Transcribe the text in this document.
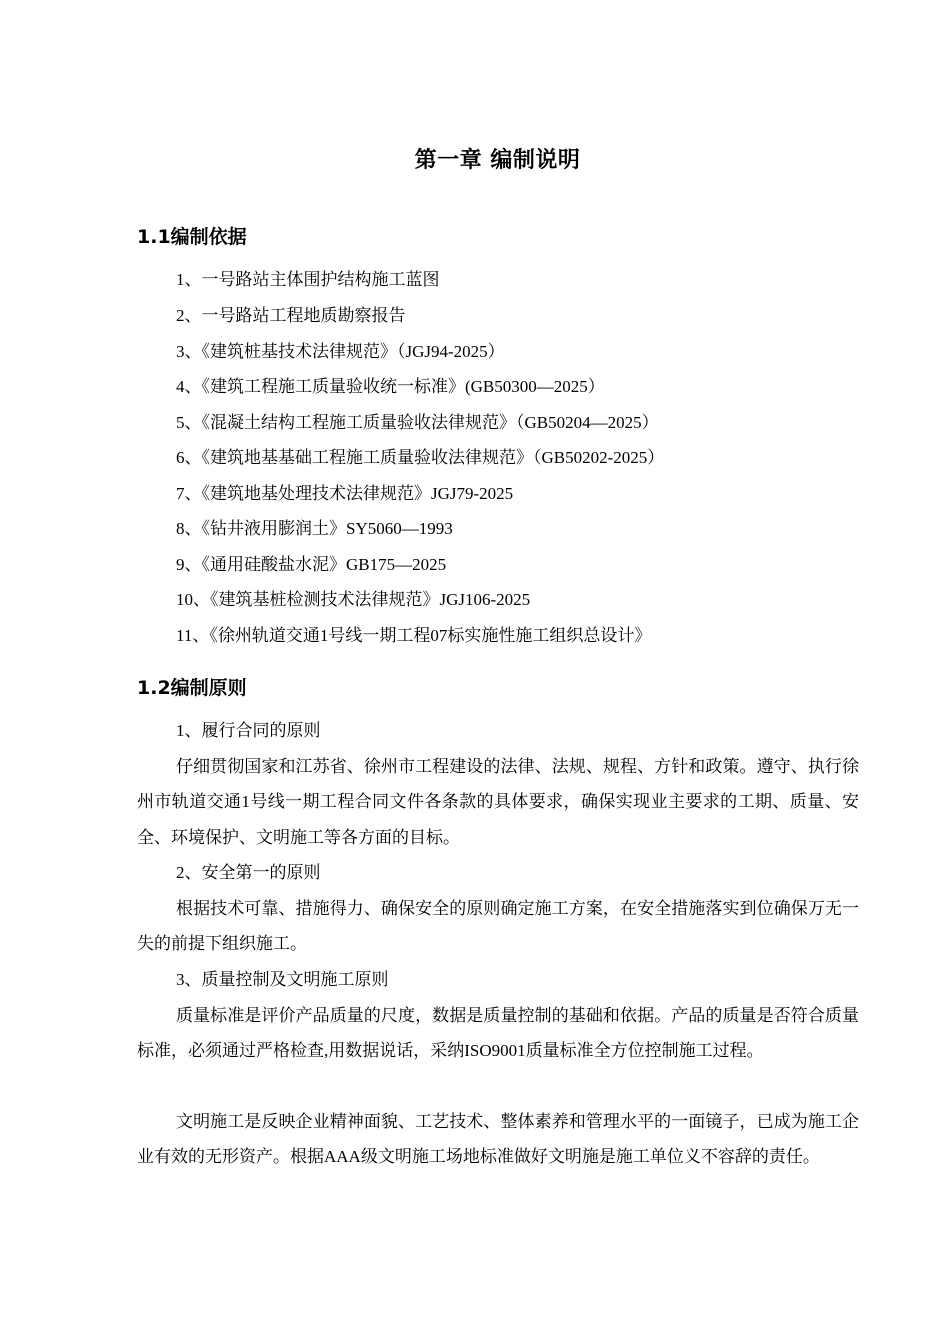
第一章 编制说明
1.1编制依据
1、一号路站主体围护结构施工蓝图
2、一号路站工程地质勘察报告
3、《建筑桩基技术法律规范》（JGJ94-2025）
4、《建筑工程施工质量验收统一标准》(GB50300—2025）
5、《混凝土结构工程施工质量验收法律规范》（GB50204—2025）
6、《建筑地基基础工程施工质量验收法律规范》（GB50202-2025）
7、《建筑地基处理技术法律规范》JGJ79-2025
8、《钻井液用膨润土》SY5060—1993
9、《通用硅酸盐水泥》GB175—2025
10、《建筑基桩检测技术法律规范》JGJ106-2025
11、《徐州轨道交通1号线一期工程07标实施性施工组织总设计》
1.2编制原则
1、履行合同的原则
仔细贯彻国家和江苏省、徐州市工程建设的法律、法规、规程、方针和政策。遵守、执行徐州市轨道交通1号线一期工程合同文件各条款的具体要求，确保实现业主要求的工期、质量、安全、环境保护、文明施工等各方面的目标。
2、安全第一的原则
根据技术可靠、措施得力、确保安全的原则确定施工方案，在安全措施落实到位确保万无一失的前提下组织施工。
3、质量控制及文明施工原则
质量标准是评价产品质量的尺度，数据是质量控制的基础和依据。产品的质量是否符合质量标准，必须通过严格检查,用数据说话，采纳ISO9001质量标准全方位控制施工过程。
文明施工是反映企业精神面貌、工艺技术、整体素养和管理水平的一面镜子，已成为施工企业有效的无形资产。根据AAA级文明施工场地标准做好文明施是施工单位义不容辞的责任。
